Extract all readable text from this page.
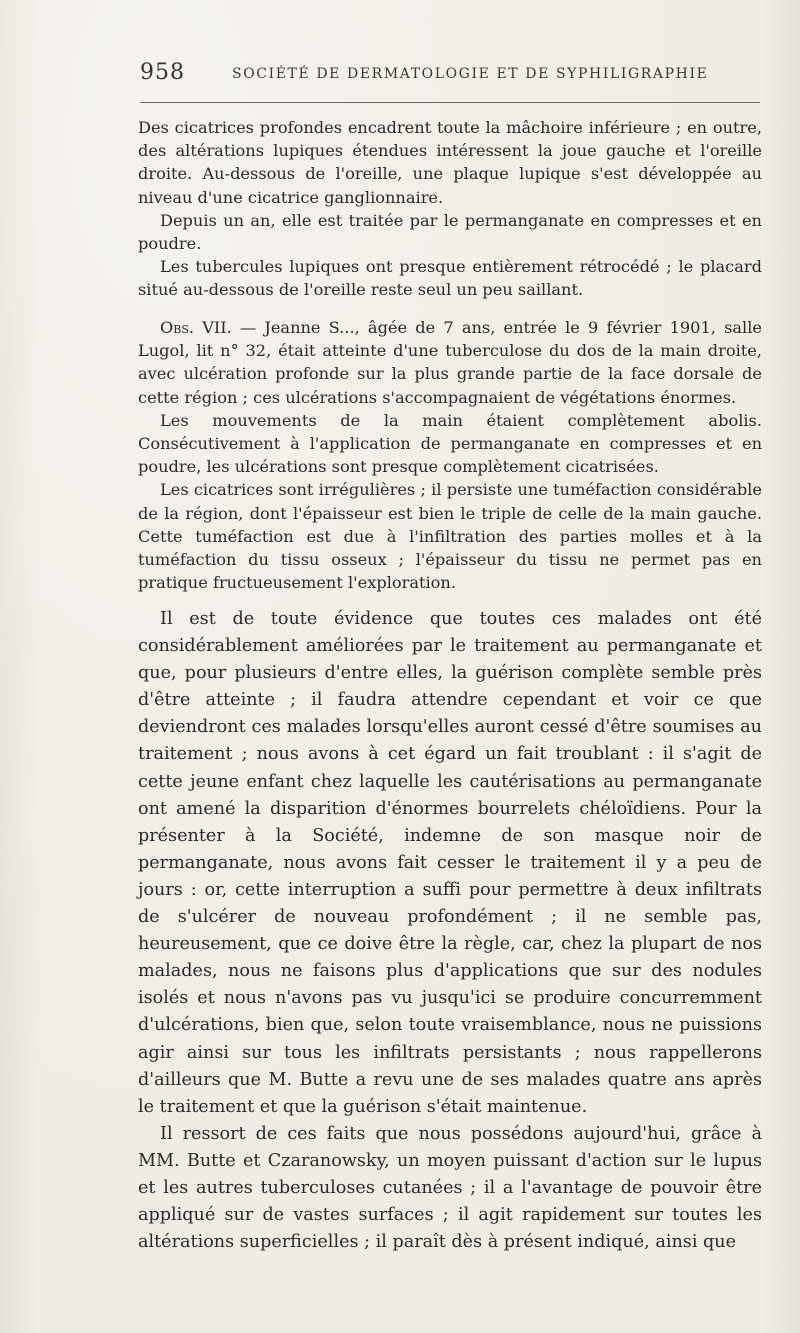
958	SOCIÉTÉ DE DERMATOLOGIE ET DE SYPHILIGRAPHIE

Des cicatrices profondes encadrent toute la mâchoire inférieure ; en outre, des altérations lupiques étendues intéressent la joue gauche et l'oreille droite. Au-dessous de l'oreille, une plaque lupique s'est développée au niveau d'une cicatrice ganglionnaire.

Depuis un an, elle est traitée par le permanganate en compresses et en poudre.

Les tubercules lupiques ont presque entièrement rétrocédé ; le placard situé au-dessous de l'oreille reste seul un peu saillant.

Obs. VII. — Jeanne S..., âgée de 7 ans, entrée le 9 février 1901, salle Lugol, lit n° 32, était atteinte d'une tuberculose du dos de la main droite, avec ulcération profonde sur la plus grande partie de la face dorsale de cette région ; ces ulcérations s'accompagnaient de végétations énormes.

Les mouvements de la main étaient complètement abolis. Consécutivement à l'application de permanganate en compresses et en poudre, les ulcérations sont presque complètement cicatrisées.

Les cicatrices sont irrégulières ; il persiste une tuméfaction considérable de la région, dont l'épaisseur est bien le triple de celle de la main gauche. Cette tuméfaction est due à l'infiltration des parties molles et à la tuméfaction du tissu osseux ; l'épaisseur du tissu ne permet pas en pratique fructueusement l'exploration.

Il est de toute évidence que toutes ces malades ont été considérablement améliorées par le traitement au permanganate et que, pour plusieurs d'entre elles, la guérison complète semble près d'être atteinte ; il faudra attendre cependant et voir ce que deviendront ces malades lorsqu'elles auront cessé d'être soumises au traitement ; nous avons à cet égard un fait troublant : il s'agit de cette jeune enfant chez laquelle les cautérisations au permanganate ont amené la disparition d'énormes bourrelets chéloïdiens. Pour la présenter à la Société, indemne de son masque noir de permanganate, nous avons fait cesser le traitement il y a peu de jours : or, cette interruption a suffi pour permettre à deux infiltrats de s'ulcérer de nouveau profondément ; il ne semble pas, heureusement, que ce doive être la règle, car, chez la plupart de nos malades, nous ne faisons plus d'applications que sur des nodules isolés et nous n'avons pas vu jusqu'ici se produire concurremment d'ulcérations, bien que, selon toute vraisemblance, nous ne puissions agir ainsi sur tous les infiltrats persistants ; nous rappellerons d'ailleurs que M. Butte a revu une de ses malades quatre ans après le traitement et que la guérison s'était maintenue.

Il ressort de ces faits que nous possédons aujourd'hui, grâce à MM. Butte et Czaranowsky, un moyen puissant d'action sur le lupus et les autres tuberculoses cutanées ; il a l'avantage de pouvoir être appliqué sur de vastes surfaces ; il agit rapidement sur toutes les altérations superficielles ; il paraît dès à présent indiqué, ainsi que
